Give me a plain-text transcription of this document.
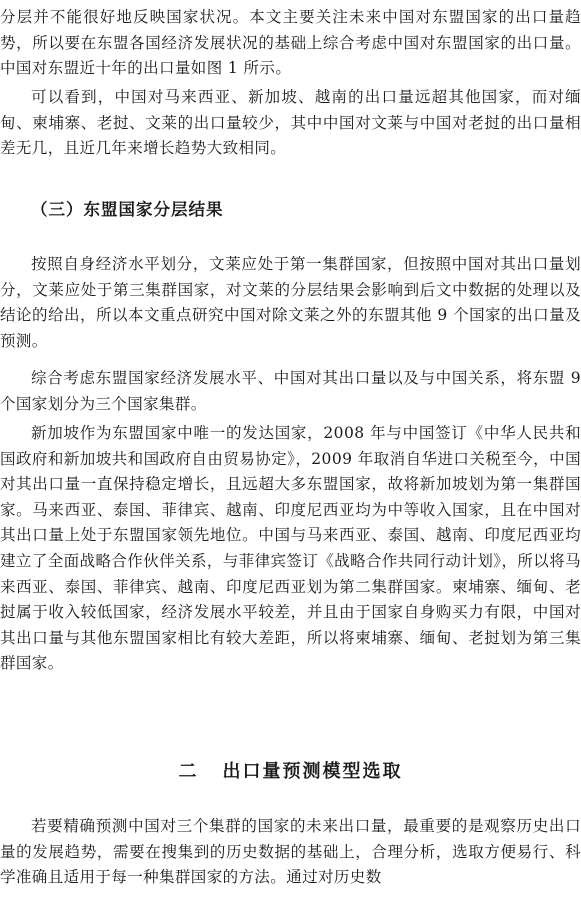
分层并不能很好地反映国家状况。本文主要关注未来中国对东盟国家的出口量趋势，所以要在东盟各国经济发展状况的基础上综合考虑中国对东盟国家的出口量。中国对东盟近十年的出口量如图 1 所示。

可以看到，中国对马来西亚、新加坡、越南的出口量远超其他国家，而对缅甸、柬埔寨、老挝、文莱的出口量较少，其中中国对文莱与中国对老挝的出口量相差无几，且近几年来增长趋势大致相同。

（三）东盟国家分层结果

按照自身经济水平划分，文莱应处于第一集群国家，但按照中国对其出口量划分，文莱应处于第三集群国家，对文莱的分层结果会影响到后文中数据的处理以及结论的给出，所以本文重点研究中国对除文莱之外的东盟其他 9 个国家的出口量及预测。

综合考虑东盟国家经济发展水平、中国对其出口量以及与中国关系，将东盟 9 个国家划分为三个国家集群。

新加坡作为东盟国家中唯一的发达国家，2008 年与中国签订《中华人民共和国政府和新加坡共和国政府自由贸易协定》，2009 年取消自华进口关税至今，中国对其出口量一直保持稳定增长，且远超大多东盟国家，故将新加坡划为第一集群国家。马来西亚、泰国、菲律宾、越南、印度尼西亚均为中等收入国家，且在中国对其出口量上处于东盟国家领先地位。中国与马来西亚、泰国、越南、印度尼西亚均建立了全面战略合作伙伴关系，与菲律宾签订《战略合作共同行动计划》，所以将马来西亚、泰国、菲律宾、越南、印度尼西亚划为第二集群国家。柬埔寨、缅甸、老挝属于收入较低国家，经济发展水平较差，并且由于国家自身购买力有限，中国对其出口量与其他东盟国家相比有较大差距，所以将柬埔寨、缅甸、老挝划为第三集群国家。

二 出口量预测模型选取

若要精确预测中国对三个集群的国家的未来出口量，最重要的是观察历史出口量的发展趋势，需要在搜集到的历史数据的基础上，合理分析，选取方便易行、科学准确且适用于每一种集群国家的方法。通过对历史数
